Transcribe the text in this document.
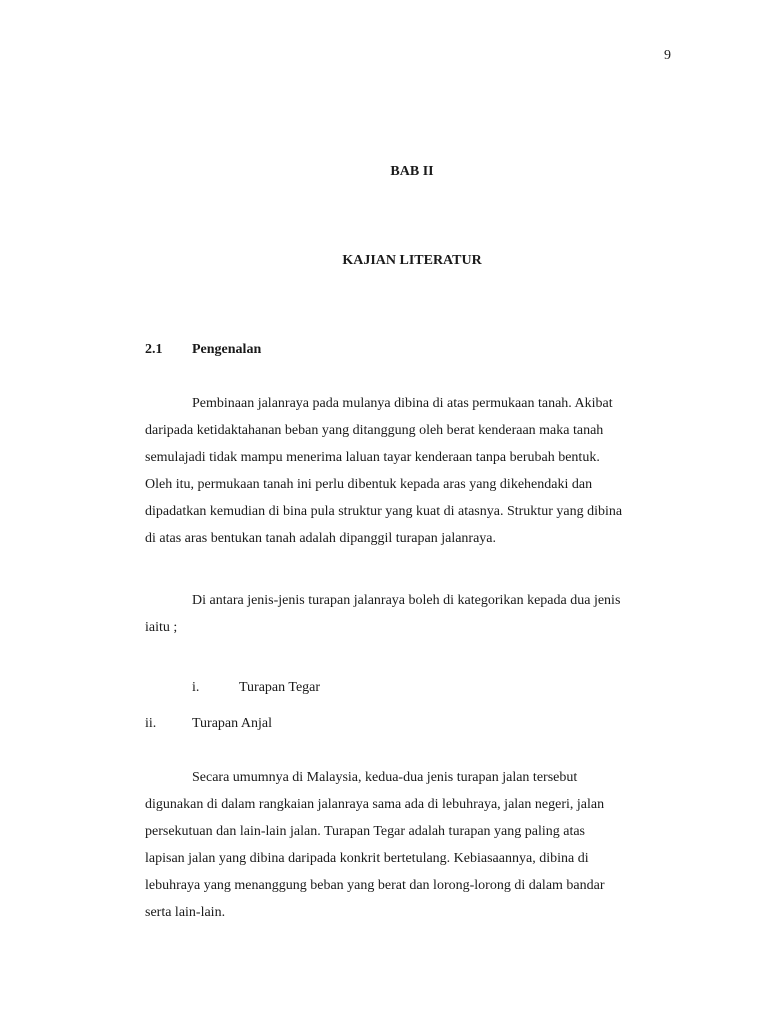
9
BAB II
KAJIAN LITERATUR
2.1 Pengenalan

Pembinaan jalanraya pada mulanya dibina di atas permukaan tanah. Akibat
daripada ketidaktahanan beban yang ditanggung oleh berat kenderaan maka tanah
semulajadi tidak mampu menerima laluan tayar kenderaan tanpa berubah bentuk.
Oleh itu, permukaan tanah ini perlu dibentuk kepada aras yang dikehendaki dan
dipadatkan kemudian di bina pula struktur yang kuat di atasnya. Struktur yang dibina
di atas aras bentukan tanah adalah dipanggil turapan jalanraya.

Di antara jenis-jenis turapan jalanraya boleh di kategorikan kepada dua jenis
iaitu ;

i.	Turapan Tegar
ii.	Turapan Anjal

Secara umumnya di Malaysia, kedua-dua jenis turapan jalan tersebut
digunakan di dalam rangkaian jalanraya sama ada di lebuhraya, jalan negeri, jalan
persekutuan dan lain-lain jalan. Turapan Tegar adalah turapan yang paling atas
lapisan jalan yang dibina daripada konkrit bertetulang. Kebiasaannya, dibina di
lebuhraya yang menanggung beban yang berat dan lorong-lorong di dalam bandar
serta lain-lain.
